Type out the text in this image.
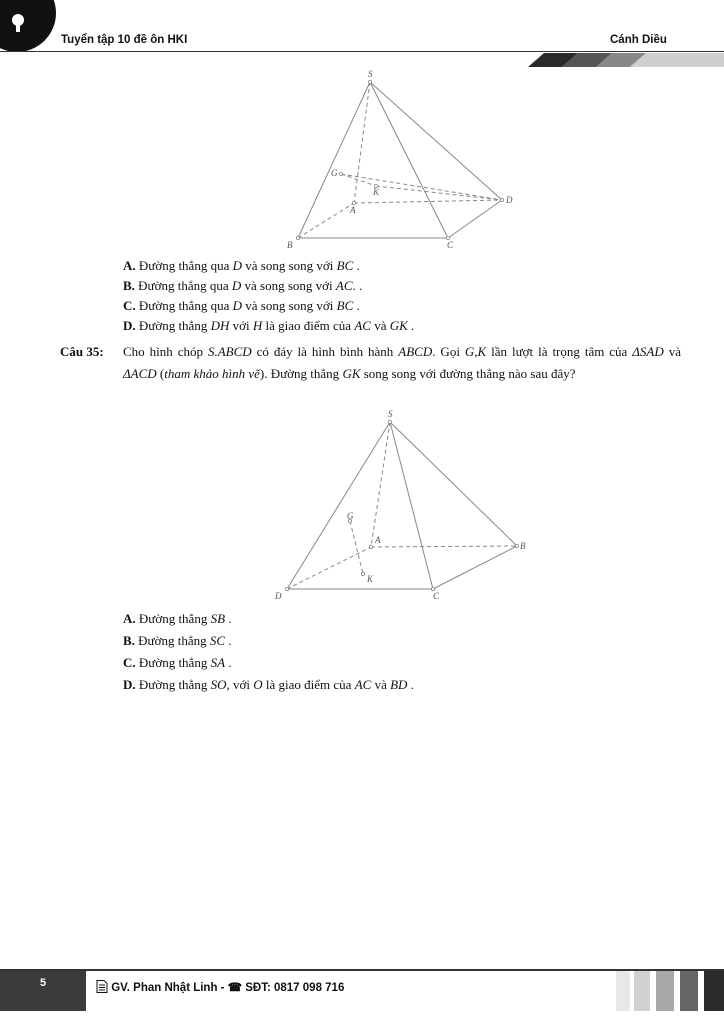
Tuyển tập 10 đề ôn HKI	Cánh Diều
S
G
K
A
D
B	C
A. Đường thẳng qua D và song song với BC .
B. Đường thẳng qua D và song song với AC. .
C. Đường thẳng qua D và song song với BC .
D. Đường thẳng DH với H là giao điểm của AC và GK .
Câu 35: Cho hình chóp S.ABCD có đáy là hình bình hành ABCD. Gọi G,K lần lượt là trọng tâm của ΔSAD và ΔACD (tham khảo hình vẽ). Đường thẳng GK song song với đường thẳng nào sau đây?
S
G
A
B
K
D	C
A. Đường thẳng SB .
B. Đường thẳng SC .
C. Đường thẳng SA .
D. Đường thẳng SO, với O là giao điểm của AC và BD .
5	GV. Phan Nhật Linh - ☎ SĐT: 0817 098 716
